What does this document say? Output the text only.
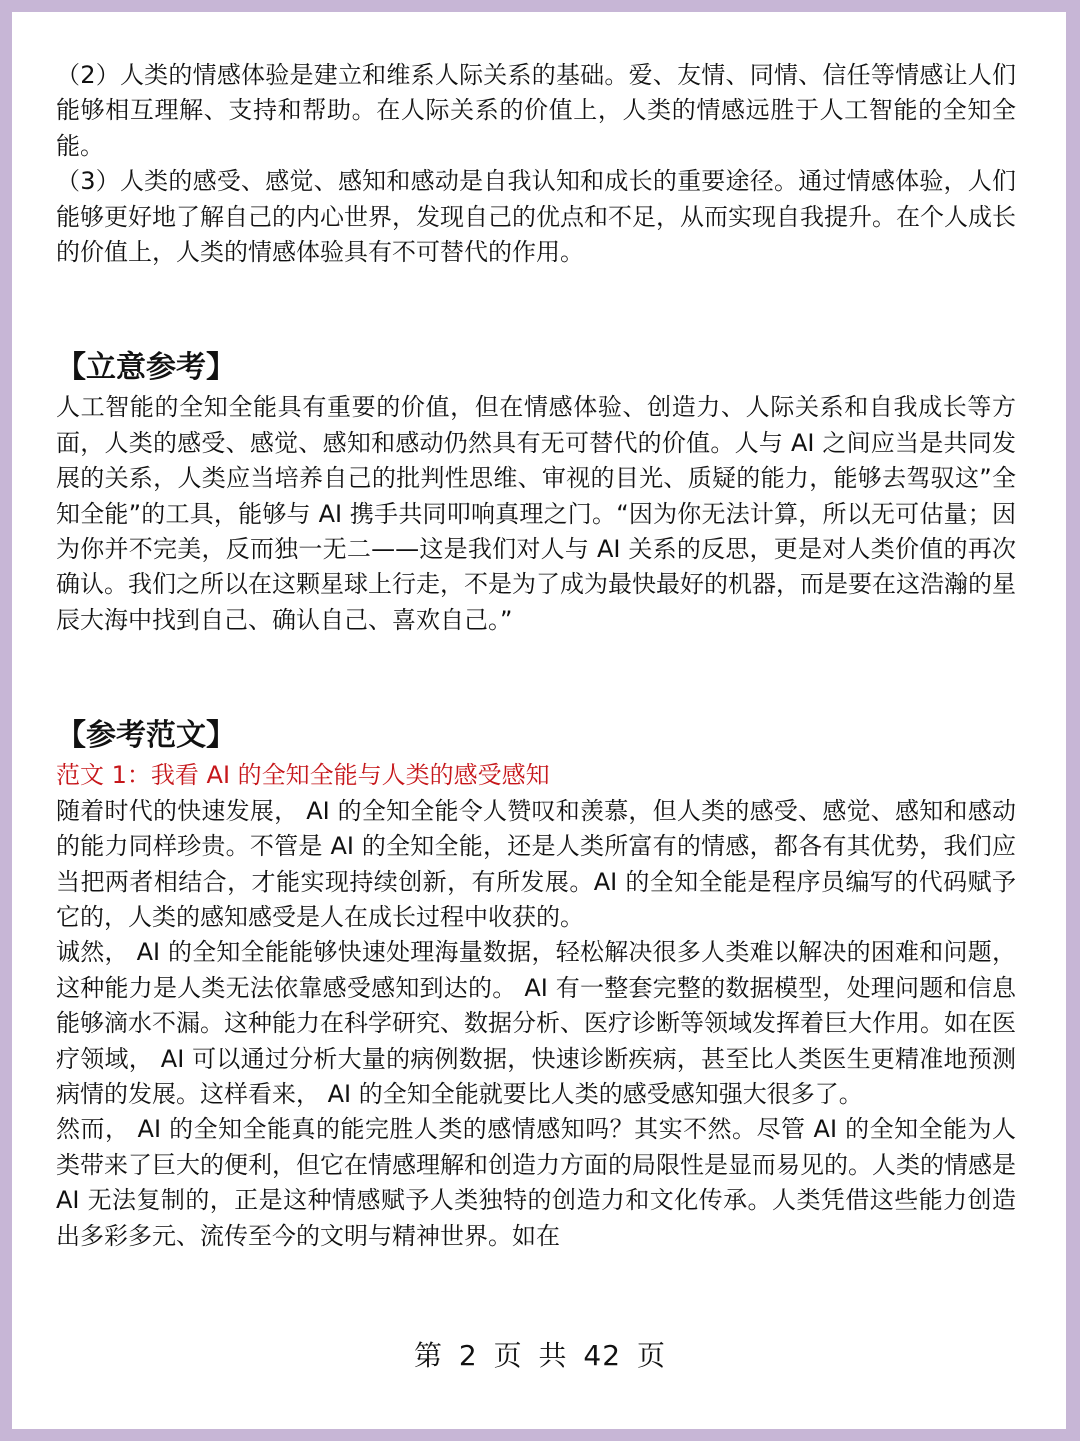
（2）人类的情感体验是建立和维系人际关系的基础。爱、友情、同情、信任等情感让人们能够相互理解、支持和帮助。在人际关系的价值上，人类的情感远胜于人工智能的全知全能。

（3）人类的感受、感觉、感知和感动是自我认知和成长的重要途径。通过情感体验，人们能够更好地了解自己的内心世界，发现自己的优点和不足，从而实现自我提升。在个人成长的价值上，人类的情感体验具有不可替代的作用。

【立意参考】

人工智能的全知全能具有重要的价值，但在情感体验、创造力、人际关系和自我成长等方面，人类的感受、感觉、感知和感动仍然具有无可替代的价值。人与 AI 之间应当是共同发展的关系，人类应当培养自己的批判性思维、审视的目光、质疑的能力，能够去驾驭这”全知全能”的工具，能够与 AI 携手共同叩响真理之门。“因为你无法计算，所以无可估量；因为你并不完美，反而独一无二——这是我们对人与 AI 关系的反思，更是对人类价值的再次确认。我们之所以在这颗星球上行走，不是为了成为最快最好的机器，而是要在这浩瀚的星辰大海中找到自己、确认自己、喜欢自己。”

【参考范文】

范文 1：我看 AI 的全知全能与人类的感受感知

随着时代的快速发展， AI 的全知全能令人赞叹和羡慕，但人类的感受、感觉、感知和感动的能力同样珍贵。不管是 AI 的全知全能，还是人类所富有的情感，都各有其优势，我们应当把两者相结合，才能实现持续创新，有所发展。AI 的全知全能是程序员编写的代码赋予它的，人类的感知感受是人在成长过程中收获的。

诚然， AI 的全知全能能够快速处理海量数据，轻松解决很多人类难以解决的困难和问题，这种能力是人类无法依靠感受感知到达的。 AI 有一整套完整的数据模型，处理问题和信息能够滴水不漏。这种能力在科学研究、数据分析、医疗诊断等领域发挥着巨大作用。如在医疗领域， AI 可以通过分析大量的病例数据，快速诊断疾病，甚至比人类医生更精准地预测病情的发展。这样看来， AI 的全知全能就要比人类的感受感知强大很多了。

然而， AI 的全知全能真的能完胜人类的感情感知吗？其实不然。尽管 AI 的全知全能为人类带来了巨大的便利，但它在情感理解和创造力方面的局限性是显而易见的。人类的情感是 AI 无法复制的，正是这种情感赋予人类独特的创造力和文化传承。人类凭借这些能力创造出多彩多元、流传至今的文明与精神世界。如在

第 2 页 共 42 页
